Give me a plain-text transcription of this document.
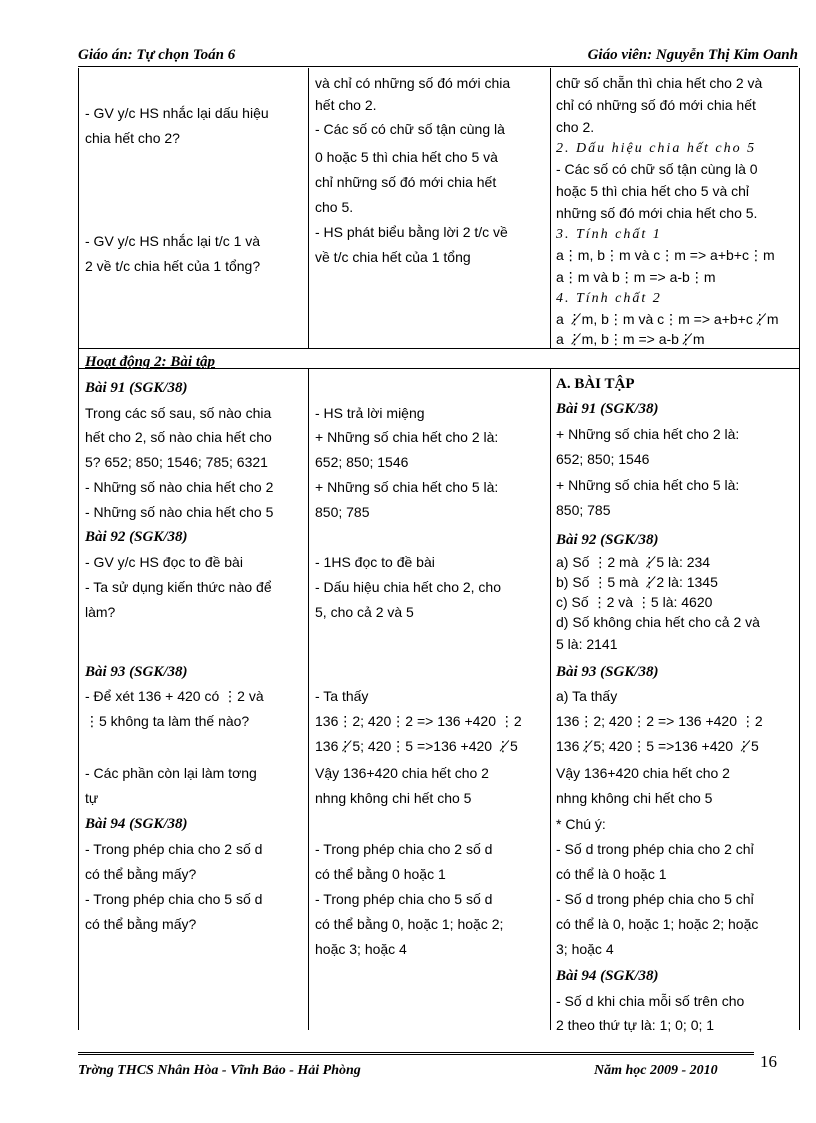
Giáo án: Tự chọn Toán 6	Giáo viên: Nguyễn Thị Kim Oanh
- GV y/c HS nhắc lại dấu hiệu
chia hết cho 2?
- GV y/c HS nhắc lại t/c 1 và
2 về t/c chia hết của 1 tổng?
và chỉ có những số đó mới chia
hết cho 2.
- Các số có chữ số tận cùng là
0 hoặc 5 thì chia hết cho 5 và
chỉ những số đó mới chia hết
cho 5.
- HS phát biểu bằng lời 2 t/c về
về t/c chia hết của 1 tổng
chữ số chẵn thì chia hết cho 2 và
chỉ có những số đó mới chia hết
cho 2.
2. Dấu hiệu chia hết cho 5
- Các số có chữ số tận cùng là 0
hoặc 5 thì chia hết cho 5 và chỉ
những số đó mới chia hết cho 5.
3. Tính chất 1
a⋮m, b⋮m và c⋮m => a+b+c⋮m
a⋮m và b⋮m => a-b⋮m
4. Tính chất 2
a ⋮̸m, b⋮m và c⋮m => a+b+c⋮̸m
a ⋮̸m, b⋮m => a-b⋮̸m
Hoạt động 2: Bài tập
Bài 91 (SGK/38)
Trong các số sau, số nào chia
hết cho 2, số nào chia hết cho
5? 652; 850; 1546; 785; 6321
- Những số nào chia hết cho 2
- Những số nào chia hết cho 5
Bài 92 (SGK/38)
- GV y/c HS đọc to đề bài
- Ta sử dụng kiến thức nào để
làm?
Bài 93 (SGK/38)
- Để xét 136 + 420 có ⋮2 và
⋮5 không ta làm thế nào?
- Các phần còn lại làm tơng
tự
Bài 94 (SGK/38)
- Trong phép chia cho 2 số d
có thể bằng mấy?
- Trong phép chia cho 5 số d
có thể bằng mấy?
- HS trả lời miệng
+ Những số chia hết cho 2 là:
652; 850; 1546
+ Những số chia hết cho 5 là:
850; 785
- 1HS đọc to đề bài
- Dấu hiệu chia hết cho 2, cho
5, cho cả 2 và 5
- Ta thấy
136⋮2; 420⋮2 => 136 +420 ⋮2
136⋮̸5; 420⋮5 =>136 +420 ⋮̸5
Vậy 136+420 chia hết cho 2
nhng không chi hết cho 5
- Trong phép chia cho 2 số d
có thể bằng 0 hoặc 1
- Trong phép chia cho 5 số d
có thể bằng 0, hoặc 1; hoặc 2;
hoặc 3; hoặc 4
A. BÀI TẬP
Bài 91 (SGK/38)
+ Những số chia hết cho 2 là:
652; 850; 1546
+ Những số chia hết cho 5 là:
850; 785
Bài 92 (SGK/38)
a) Số ⋮2 mà ⋮̸5 là: 234
b) Số ⋮5 mà ⋮̸2 là: 1345
c) Số ⋮2 và ⋮5 là: 4620
d) Số không chia hết cho cả 2 và
5 là: 2141
Bài 93 (SGK/38)
a) Ta thấy
136⋮2; 420⋮2 => 136 +420 ⋮2
136⋮̸5; 420⋮5 =>136 +420 ⋮̸5
Vậy 136+420 chia hết cho 2
nhng không chi hết cho 5
* Chú ý:
- Số d trong phép chia cho 2 chỉ
có thể là 0 hoặc 1
- Số d trong phép chia cho 5 chỉ
có thể là 0, hoặc 1; hoặc 2; hoặc
3; hoặc 4
Bài 94 (SGK/38)
- Số d khi chia mỗi số trên cho
2 theo thứ tự là: 1; 0; 0; 1
Trờng THCS Nhân Hòa - Vĩnh Bảo - Hải Phòng	Năm học 2009 - 2010 16
